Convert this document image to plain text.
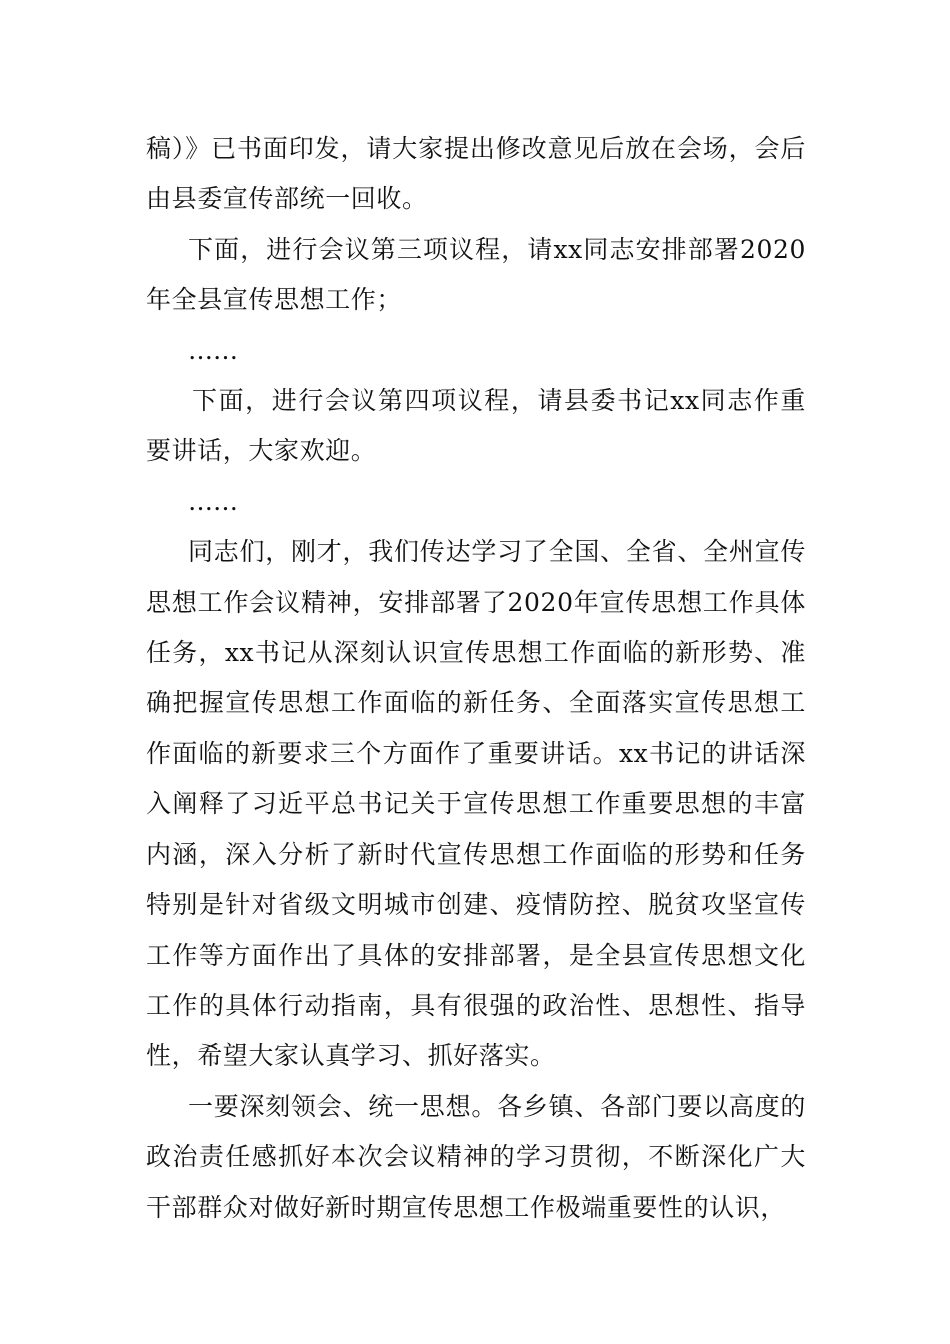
稿）》已书面印发，请大家提出修改意见后放在会场，会后由县委宣传部统一回收。

下面，进行会议第三项议程，请xx同志安排部署2020年全县宣传思想工作；

……

下面，进行会议第四项议程，请县委书记xx同志作重要讲话，大家欢迎。

……

同志们，刚才，我们传达学习了全国、全省、全州宣传思想工作会议精神，安排部署了2020年宣传思想工作具体任务，xx书记从深刻认识宣传思想工作面临的新形势、准确把握宣传思想工作面临的新任务、全面落实宣传思想工作面临的新要求三个方面作了重要讲话。xx书记的讲话深入阐释了习近平总书记关于宣传思想工作重要思想的丰富内涵，深入分析了新时代宣传思想工作面临的形势和任务特别是针对省级文明城市创建、疫情防控、脱贫攻坚宣传工作等方面作出了具体的安排部署，是全县宣传思想文化工作的具体行动指南，具有很强的政治性、思想性、指导性，希望大家认真学习、抓好落实。

一要深刻领会、统一思想。各乡镇、各部门要以高度的政治责任感抓好本次会议精神的学习贯彻，不断深化广大干部群众对做好新时期宣传思想工作极端重要性的认识，
